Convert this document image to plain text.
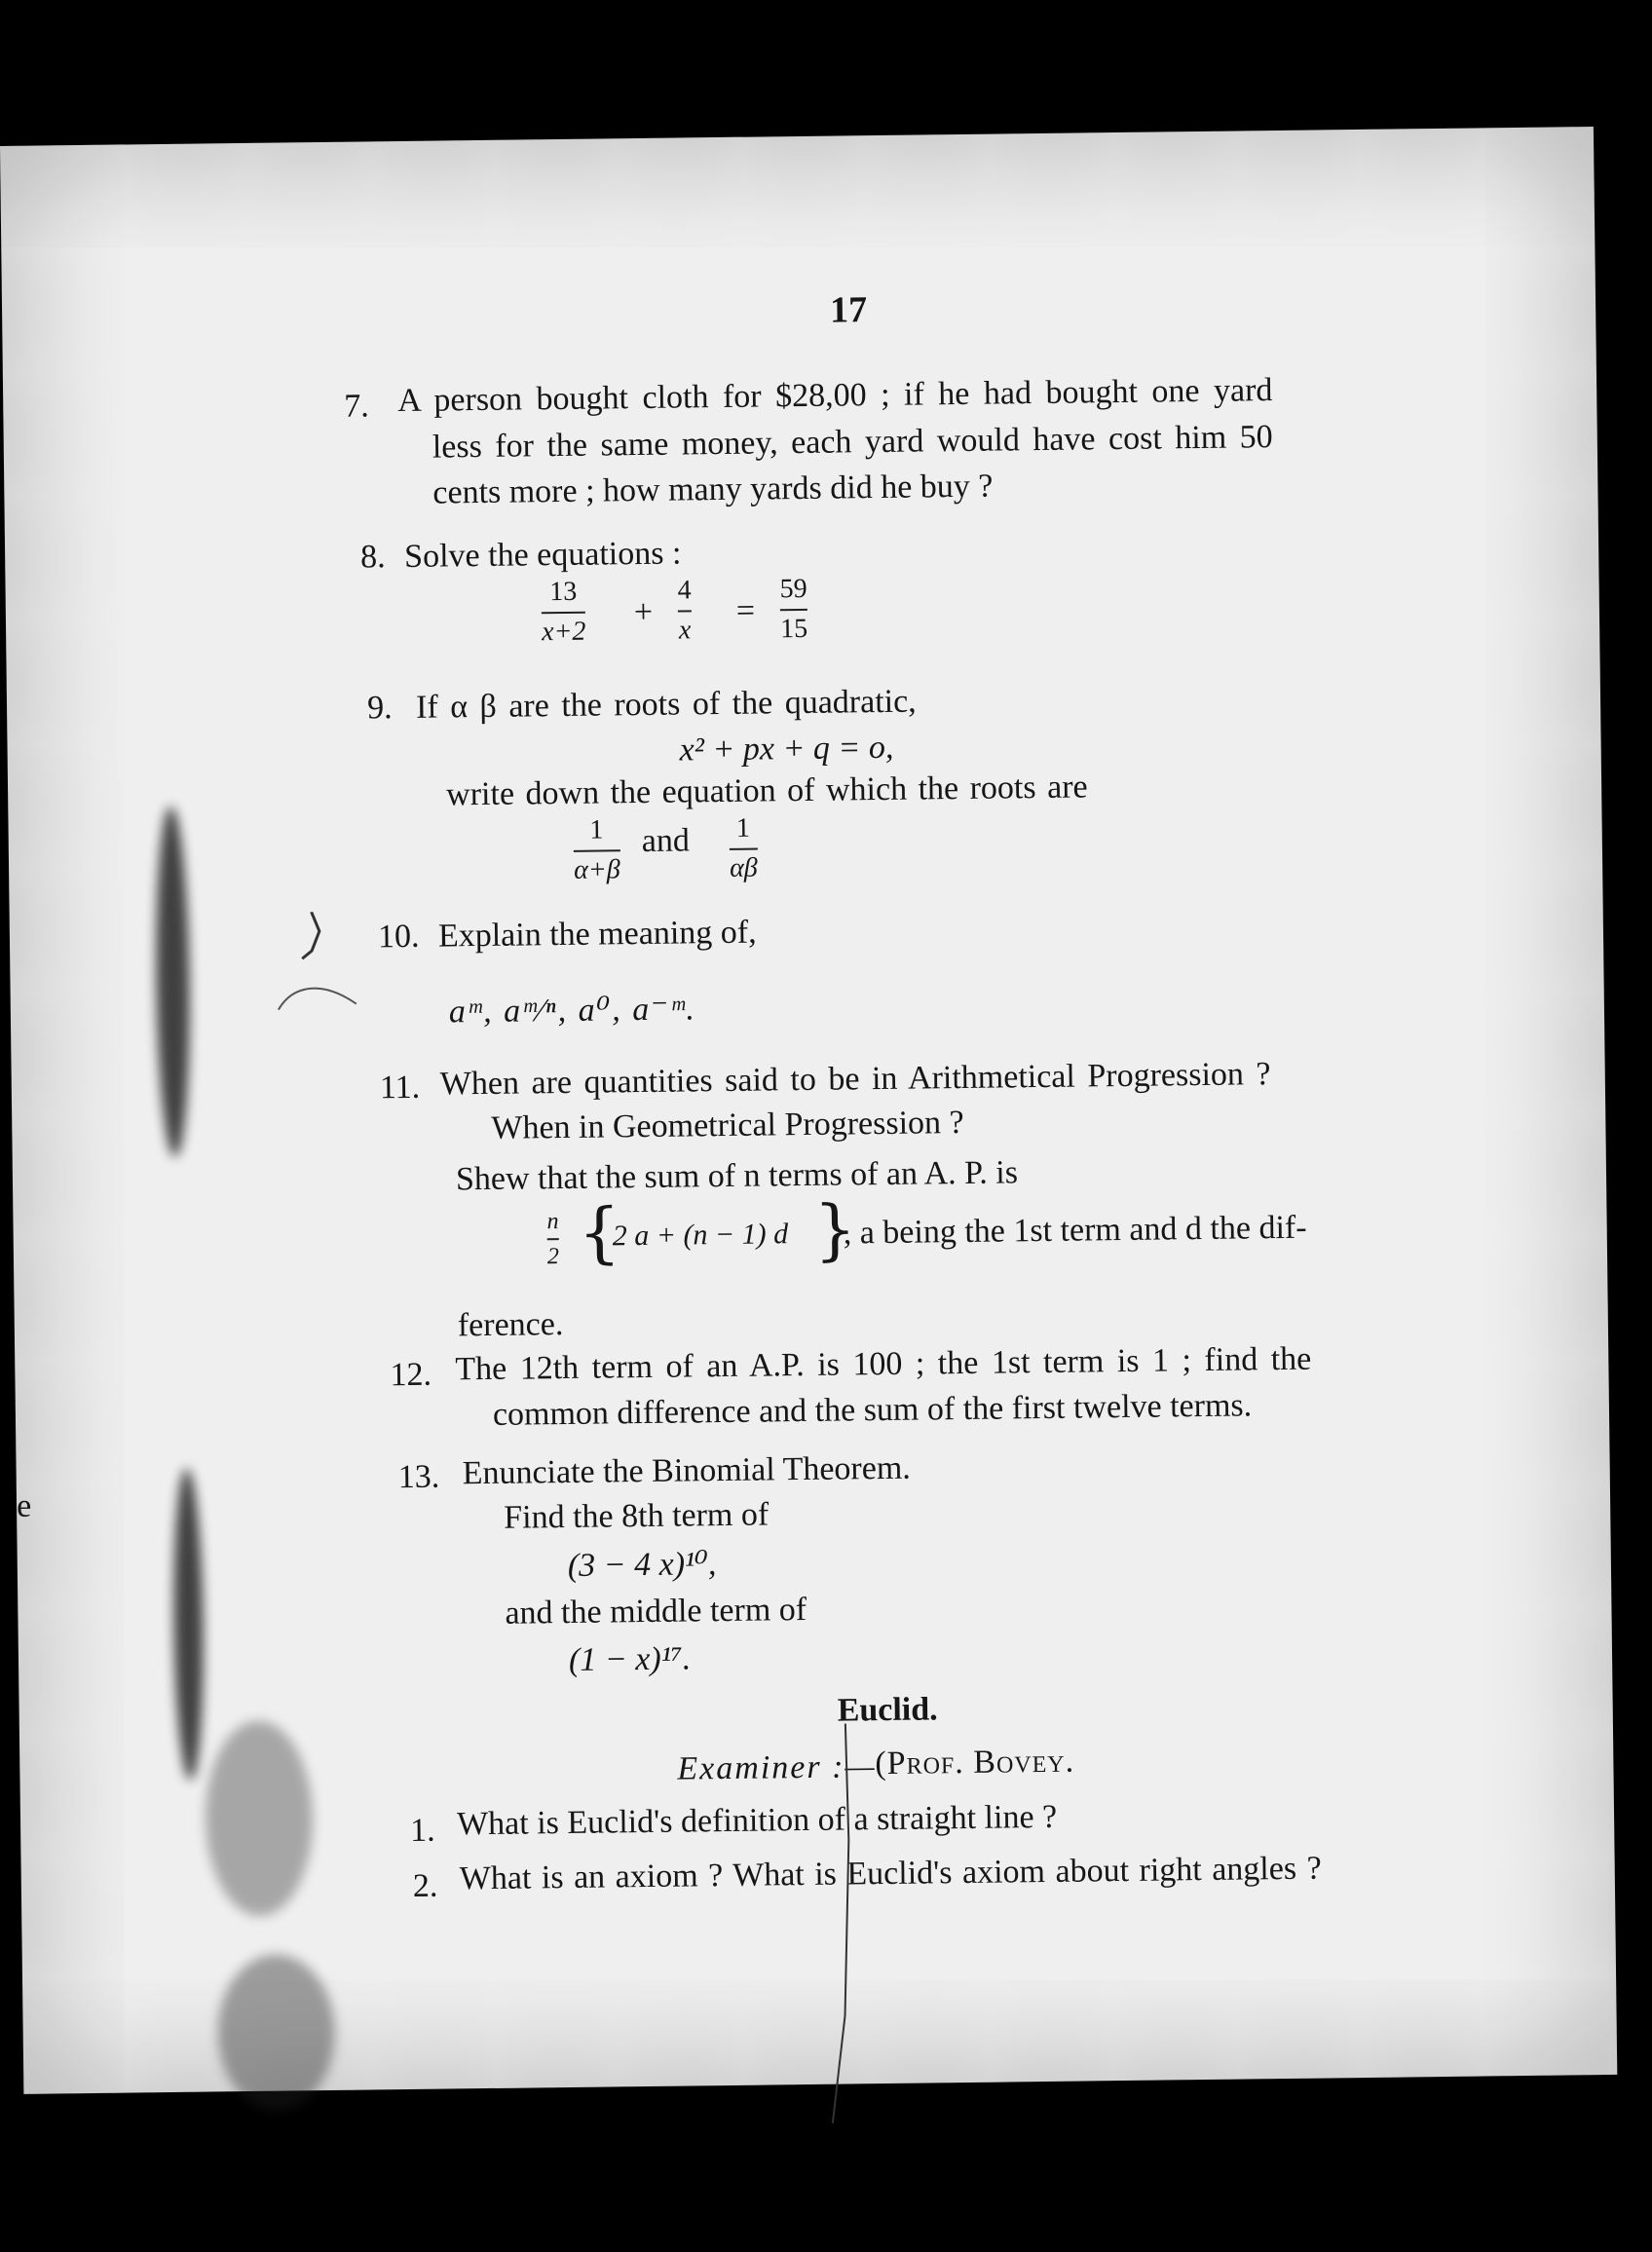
e
17
7. A person bought cloth for $28,00 ; if he had bought one yard
less for the same money, each yard would have cost him 50
cents more ; how many yards did he buy ?
8. Solve the equations :
13
x+2
+
4
x
=
59
15
9. If α β are the roots of the quadratic,
x² + px + q = o,
write down the equation of which the roots are
1
α+β
and 1
αβ
10. Explain the meaning of,
aᵐ, aᵐ⁄ⁿ, a⁰, a⁻ᵐ.
11. When are quantities said to be in Arithmetical Progression ?
When in Geometrical Progression ?
Shew that the sum of n terms of an A. P. is
n
2 {
2 a + (n − 1) d }
, a being the 1st term and d the dif-
ference.
12. The 12th term of an A.P. is 100 ; the 1st term is 1 ; find the
common difference and the sum of the first twelve terms.
13. Enunciate the Binomial Theorem.
Find the 8th term of
(3 − 4 x)¹⁰,
and the middle term of
(1 − x)¹⁷.
Euclid.
Examiner :—
(Prof. Bovey.
1. What is Euclid's definition of a straight line ?
2. What is an axiom ? What is Euclid's axiom about right angles ?
